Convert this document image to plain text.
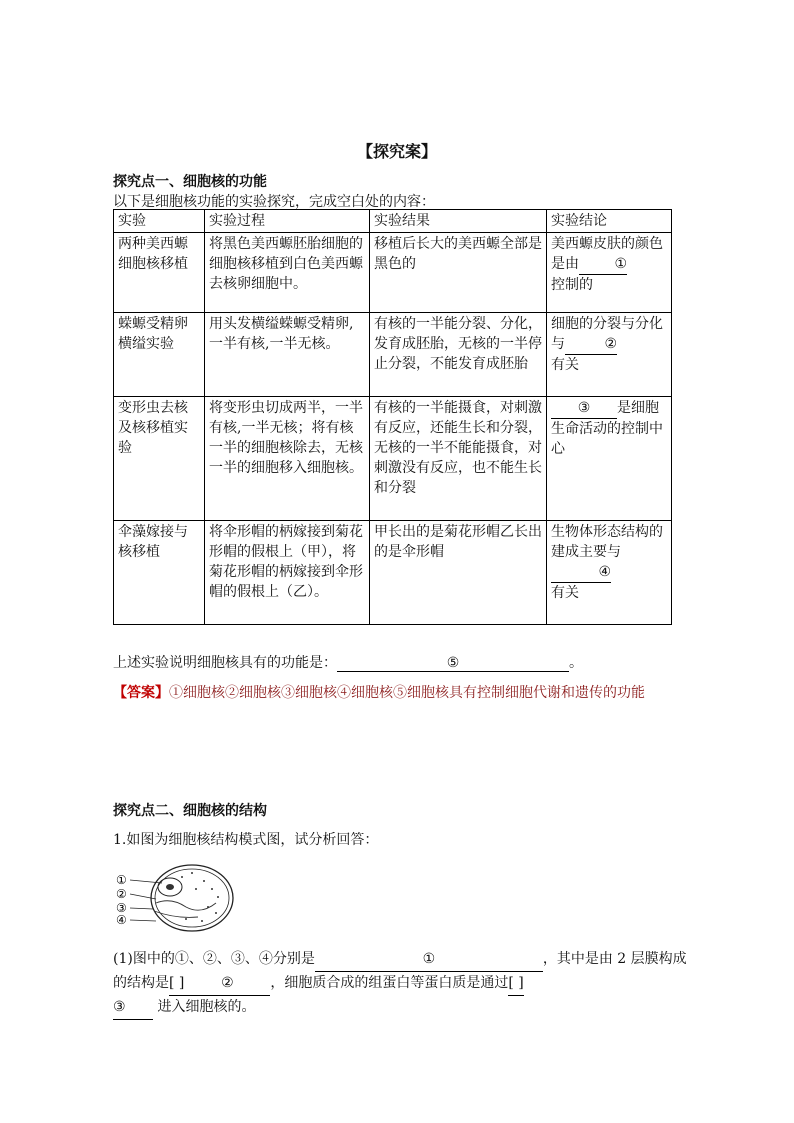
【探究案】
探究点一、细胞核的功能
以下是细胞核功能的实验探究，完成空白处的内容：
实验	实验过程	实验结果	实验结论
两种美西螈细胞核移植	将黑色美西螈胚胎细胞的细胞核移植到白色美西螈去核卵细胞中。	移植后长大的美西螈全部是黑色的	美西螈皮肤的颜色是由 ①
控制的
蝾螈受精卵横缢实验	用头发横缢蝾螈受精卵,一半有核,一半无核。	有核的一半能分裂、分化，发育成胚胎，无核的一半停止分裂，不能发育成胚胎	细胞的分裂与分化与 ②
有关
变形虫去核及核移植实验	将变形虫切成两半，一半有核,一半无核；将有核一半的细胞核除去，无核一半的细胞移入细胞核。	有核的一半能摄食，对刺激有反应，还能生长和分裂，无核的一半不能能摄食，对刺激没有反应，也不能生长和分裂	③ 是细胞生命活动的控制中心
伞藻嫁接与核移植	将伞形帽的柄嫁接到菊花形帽的假根上（甲），将菊花形帽的柄嫁接到伞形帽的假根上（乙）。	甲长出的是菊花形帽乙长出的是伞形帽	生物体形态结构的建成主要与④
有关
上述实验说明细胞核具有的功能是：	⑤	。
【答案】①细胞核②细胞核③细胞核④细胞核⑤细胞核具有控制细胞代谢和遗传的功能
探究点二、细胞核的结构
1.如图为细胞核结构模式图，试分析回答：
①
②
③
④
(1)图中的①、②、③、④分别是	①	，其中是由 2 层膜构成的结构是[ ]	②	，细胞质合成的组蛋白等蛋白质是通过[ ]
③ 进入细胞核的。
